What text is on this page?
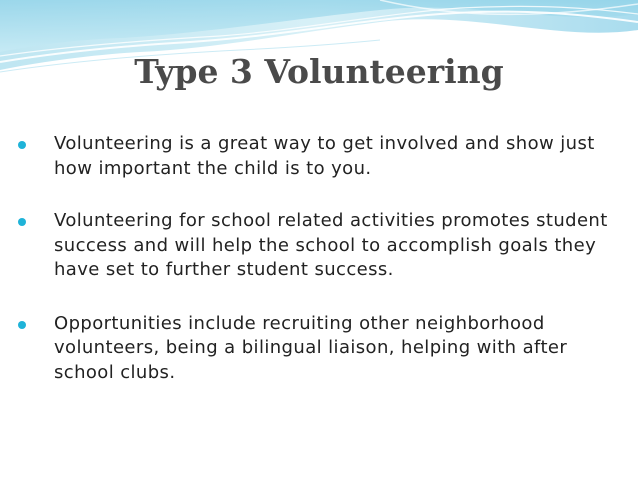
Type 3 Volunteering
Volunteering is a great way to get involved and show just how important the child is to you.
Volunteering for school related activities promotes student success and will help the school to accomplish goals they have set to further student success.
Opportunities include recruiting other neighborhood volunteers, being a bilingual liaison, helping with after school clubs.
